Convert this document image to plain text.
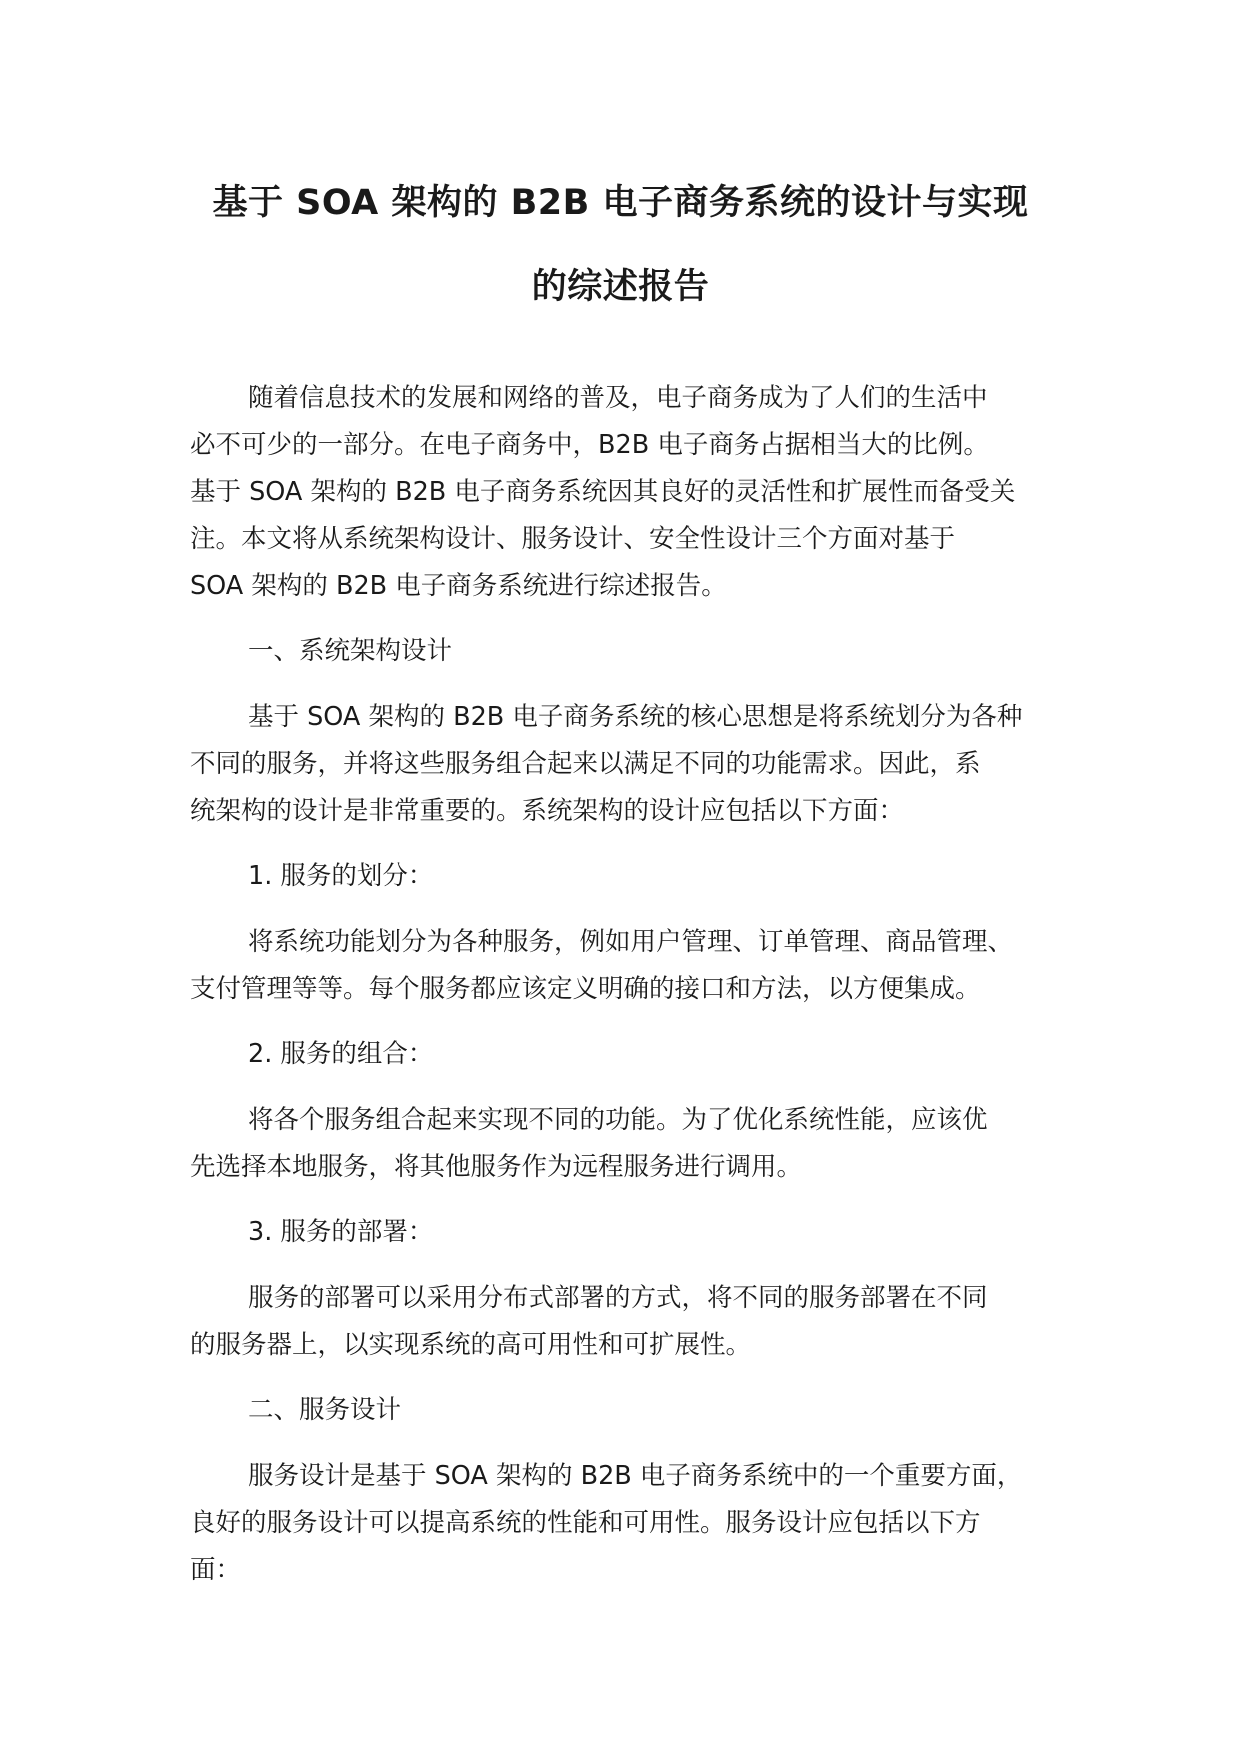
基于 SOA 架构的 B2B 电子商务系统的设计与实现
的综述报告
随着信息技术的发展和网络的普及，电子商务成为了人们的生活中
必不可少的一部分。在电子商务中，B2B 电子商务占据相当大的比例。
基于 SOA 架构的 B2B 电子商务系统因其良好的灵活性和扩展性而备受关
注。本文将从系统架构设计、服务设计、安全性设计三个方面对基于
SOA 架构的 B2B 电子商务系统进行综述报告。
一、系统架构设计
基于 SOA 架构的 B2B 电子商务系统的核心思想是将系统划分为各种
不同的服务，并将这些服务组合起来以满足不同的功能需求。因此，系
统架构的设计是非常重要的。系统架构的设计应包括以下方面：
1. 服务的划分：
将系统功能划分为各种服务，例如用户管理、订单管理、商品管理、
支付管理等等。每个服务都应该定义明确的接口和方法，以方便集成。
2. 服务的组合：
将各个服务组合起来实现不同的功能。为了优化系统性能，应该优
先选择本地服务，将其他服务作为远程服务进行调用。
3. 服务的部署：
服务的部署可以采用分布式部署的方式，将不同的服务部署在不同
的服务器上，以实现系统的高可用性和可扩展性。
二、服务设计
服务设计是基于 SOA 架构的 B2B 电子商务系统中的一个重要方面，
良好的服务设计可以提高系统的性能和可用性。服务设计应包括以下方
面：
